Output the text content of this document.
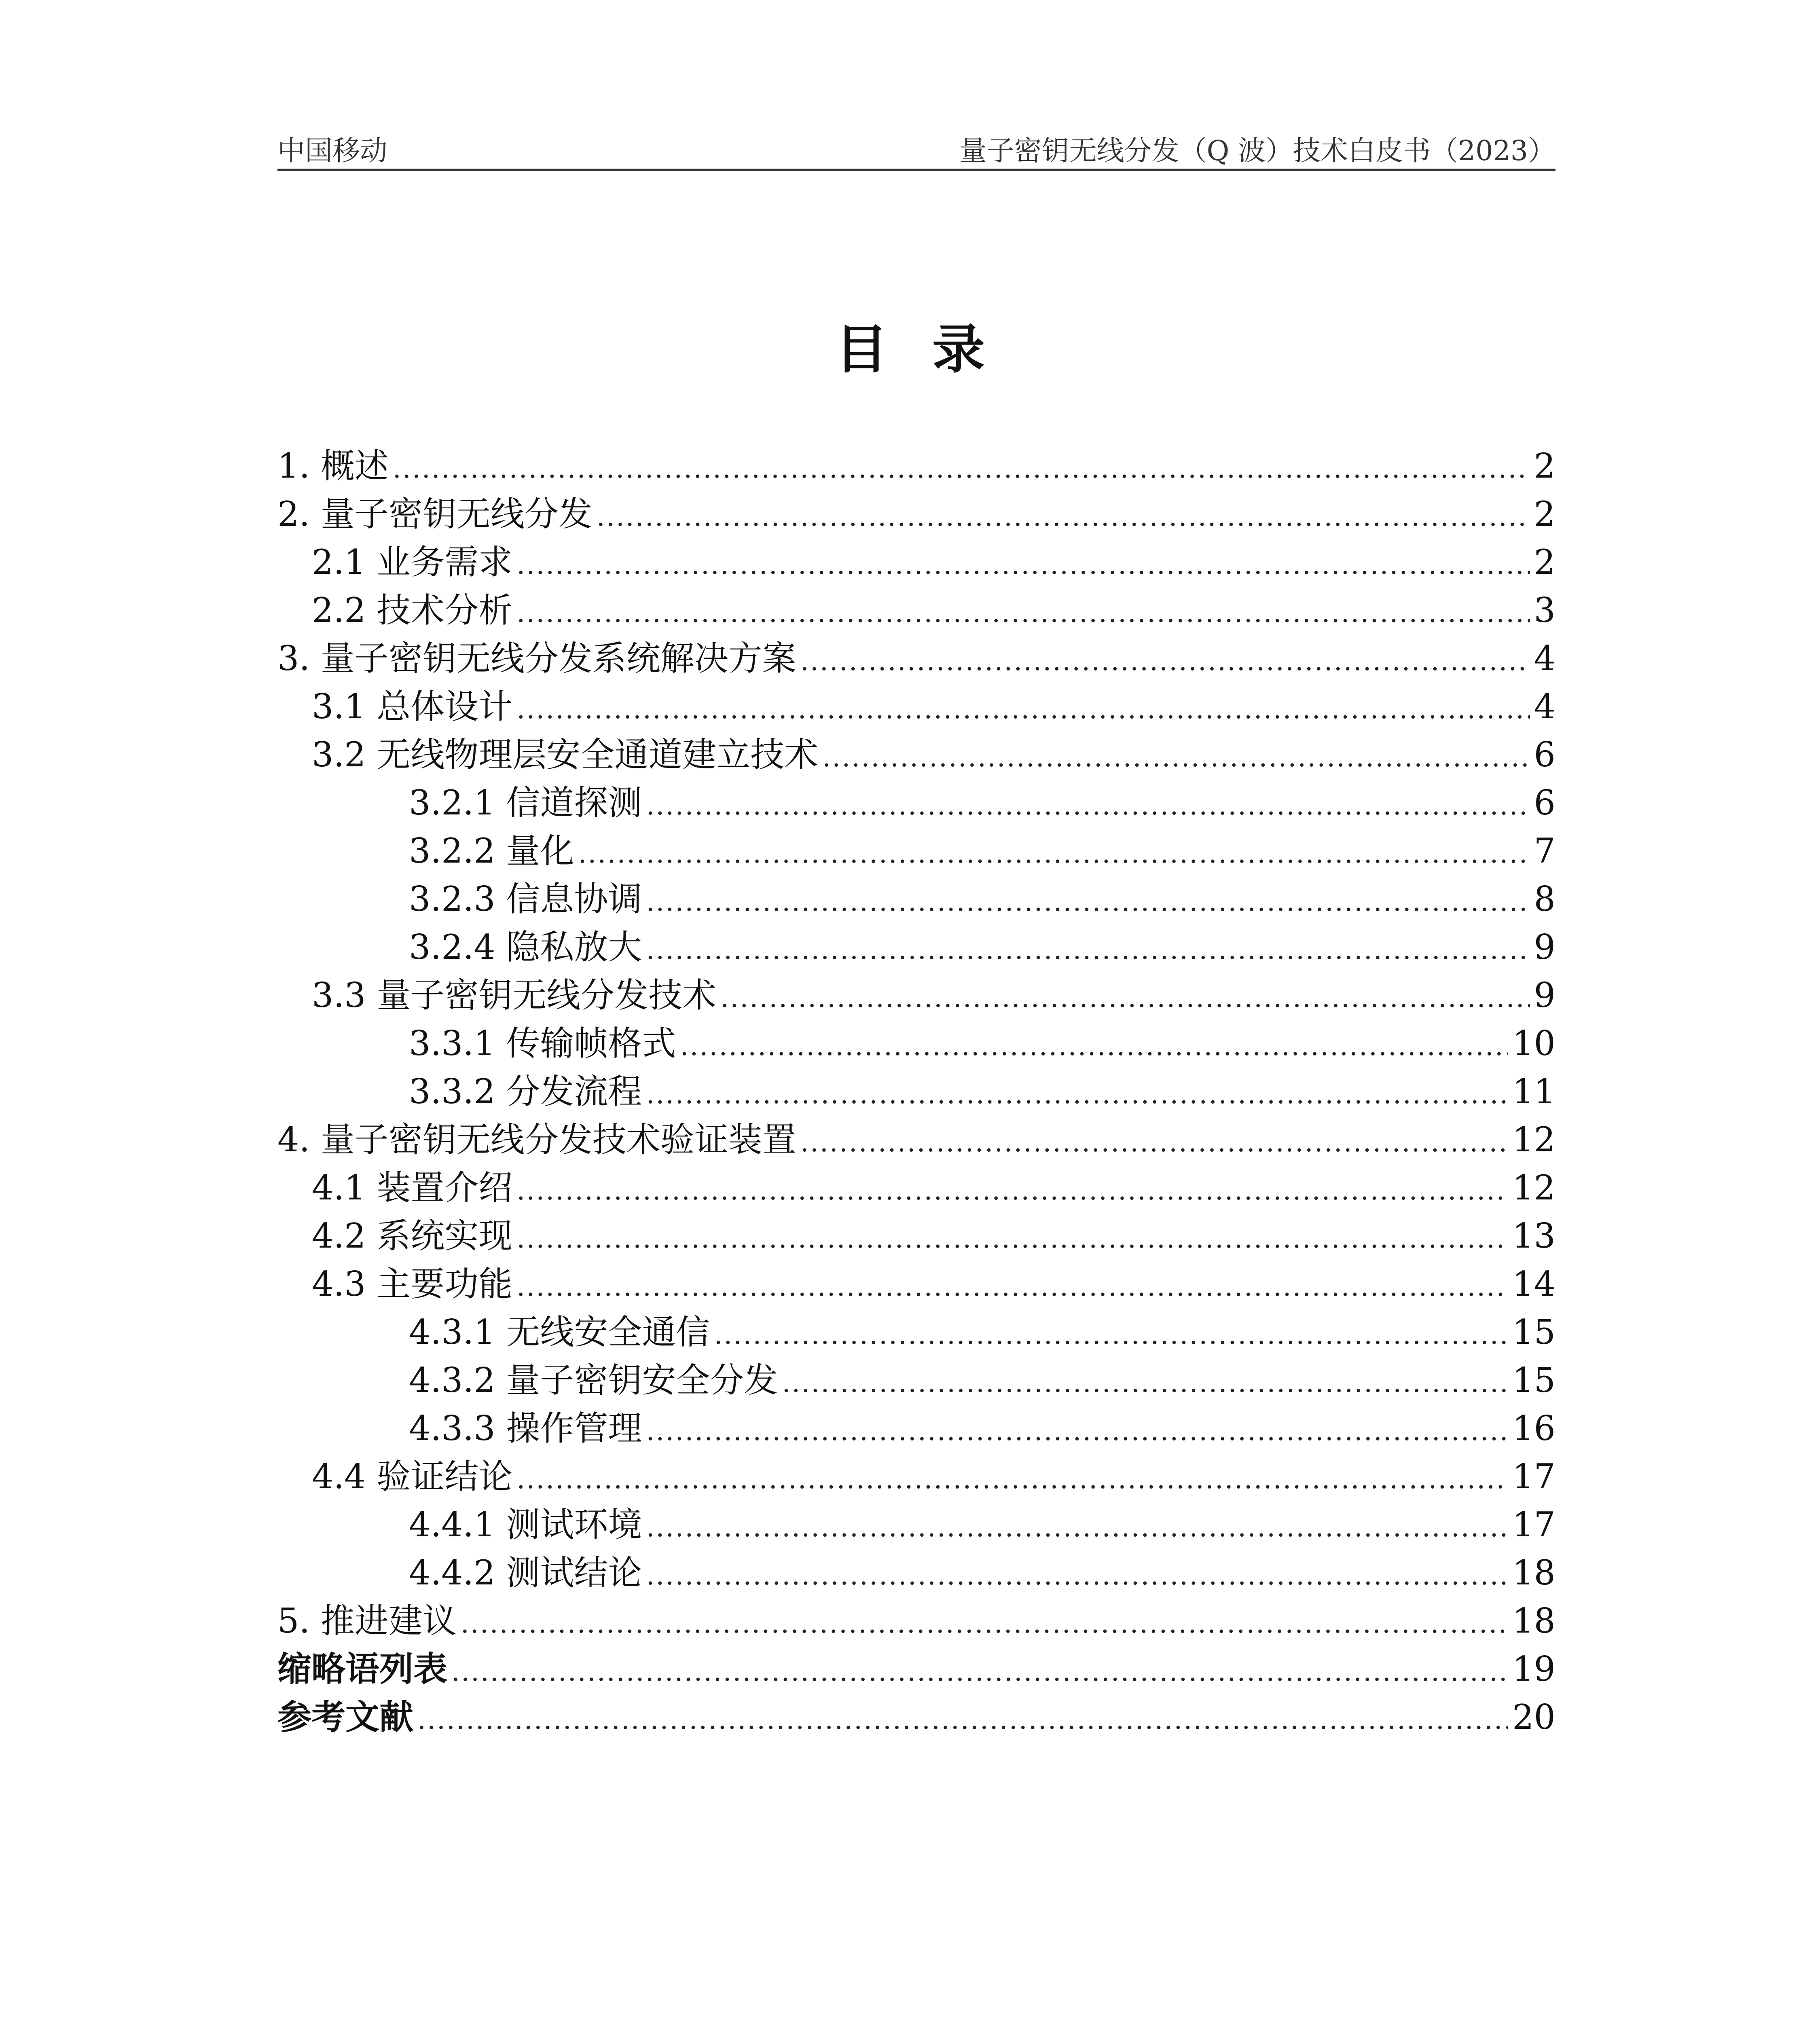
中国移动	量子密钥无线分发（Q 波）技术白皮书（2023）
目录
1. 概述 .....	2
2. 量子密钥无线分发 .....	2
2.1 业务需求 .....	2
2.2 技术分析 .....	3
3. 量子密钥无线分发系统解决方案 .....	4
3.1 总体设计 .....	4
3.2 无线物理层安全通道建立技术 .....	6
3.2.1 信道探测 .....	6
3.2.2 量化 .....	7
3.2.3 信息协调 .....	8
3.2.4 隐私放大 .....	9
3.3 量子密钥无线分发技术 .....	9
3.3.1 传输帧格式 .....	10
3.3.2 分发流程 .....	11
4. 量子密钥无线分发技术验证装置 .....	12
4.1 装置介绍 .....	12
4.2 系统实现 .....	13
4.3 主要功能 .....	14
4.3.1 无线安全通信 .....	15
4.3.2 量子密钥安全分发 .....	15
4.3.3 操作管理 .....	16
4.4 验证结论 .....	17
4.4.1 测试环境 .....	17
4.4.2 测试结论 .....	18
5. 推进建议 .....	18
缩略语列表 .....	19
参考文献 .....	20
